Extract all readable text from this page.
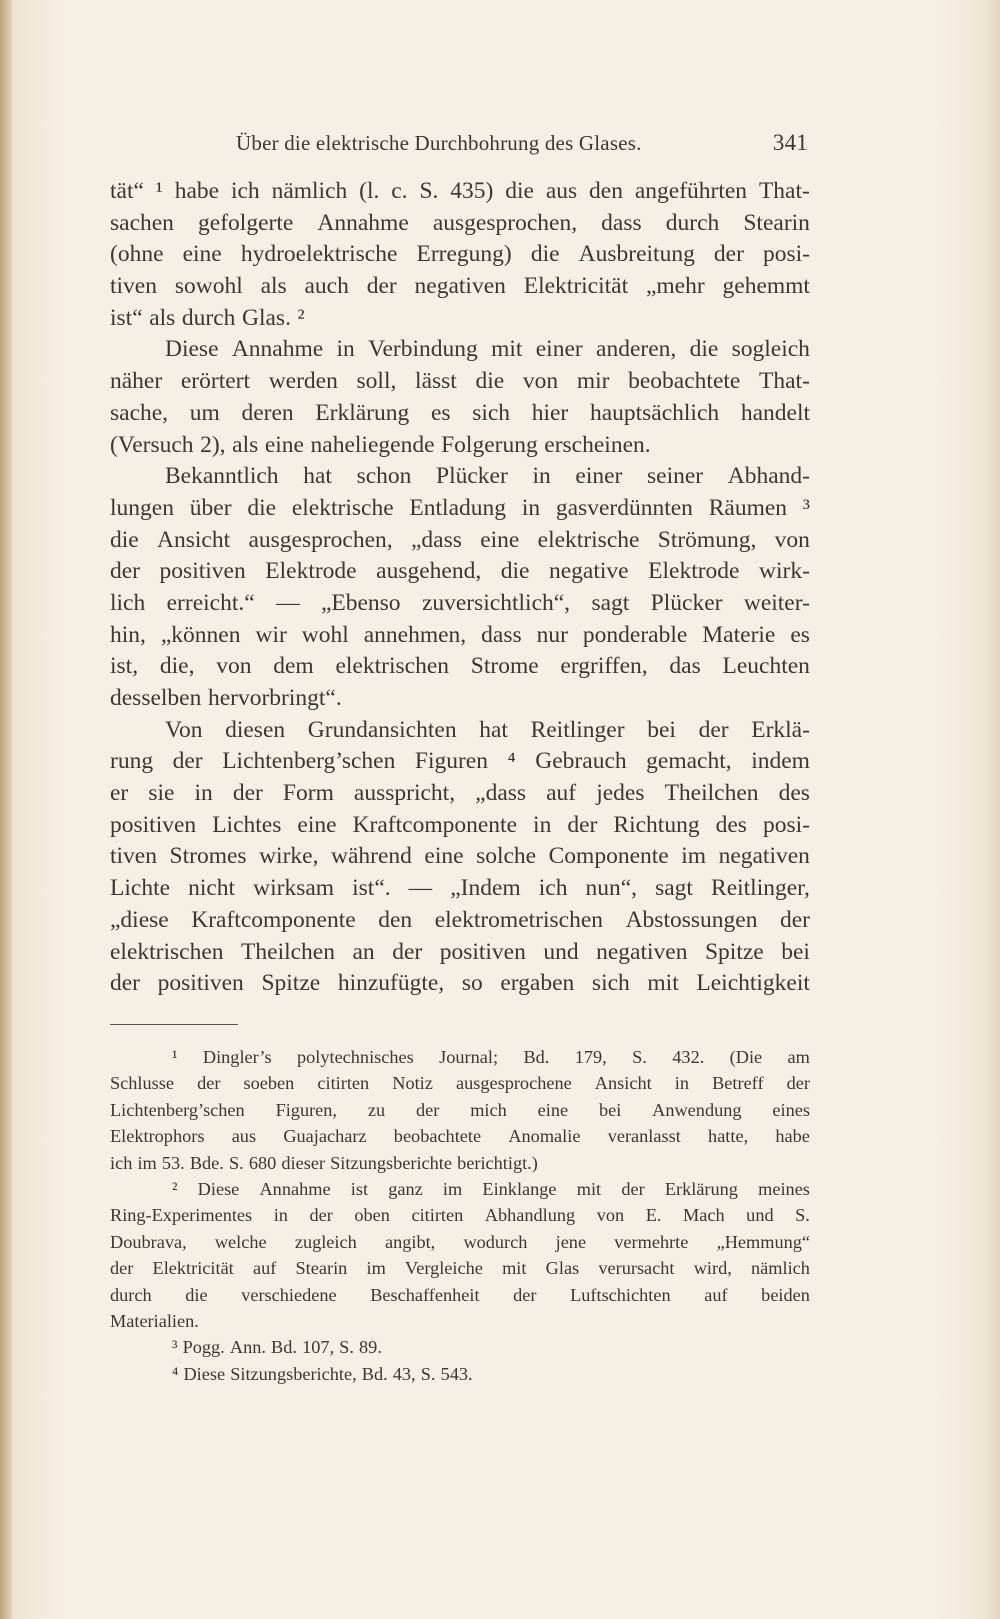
Über die elektrische Durchbohrung des Glases.	341
tät“ ¹ habe ich nämlich (l. c. S. 435) die aus den angeführten That-
sachen gefolgerte Annahme ausgesprochen, dass durch Stearin
(ohne eine hydroelektrische Erregung) die Ausbreitung der posi-
tiven sowohl als auch der negativen Elektricität „mehr gehemmt
ist“ als durch Glas. ²
Diese Annahme in Verbindung mit einer anderen, die sogleich
näher erörtert werden soll, lässt die von mir beobachtete That-
sache, um deren Erklärung es sich hier hauptsächlich handelt
(Versuch 2), als eine naheliegende Folgerung erscheinen.
Bekanntlich hat schon Plücker in einer seiner Abhand-
lungen über die elektrische Entladung in gasverdünnten Räumen ³
die Ansicht ausgesprochen, „dass eine elektrische Strömung, von
der positiven Elektrode ausgehend, die negative Elektrode wirk-
lich erreicht.“ — „Ebenso zuversichtlich“, sagt Plücker weiter-
hin, „können wir wohl annehmen, dass nur ponderable Materie es
ist, die, von dem elektrischen Strome ergriffen, das Leuchten
desselben hervorbringt“.
Von diesen Grundansichten hat Reitlinger bei der Erklä-
rung der Lichtenberg’schen Figuren ⁴ Gebrauch gemacht, indem
er sie in der Form ausspricht, „dass auf jedes Theilchen des
positiven Lichtes eine Kraftcomponente in der Richtung des posi-
tiven Stromes wirke, während eine solche Componente im negativen
Lichte nicht wirksam ist“. — „Indem ich nun“, sagt Reitlinger,
„diese Kraftcomponente den elektrometrischen Abstossungen der
elektrischen Theilchen an der positiven und negativen Spitze bei
der positiven Spitze hinzufügte, so ergaben sich mit Leichtigkeit
¹ Dingler’s polytechnisches Journal; Bd. 179, S. 432. (Die am
Schlusse der soeben citirten Notiz ausgesprochene Ansicht in Betreff der
Lichtenberg’schen Figuren, zu der mich eine bei Anwendung eines
Elektrophors aus Guajacharz beobachtete Anomalie veranlasst hatte, habe
ich im 53. Bde. S. 680 dieser Sitzungsberichte berichtigt.)
² Diese Annahme ist ganz im Einklange mit der Erklärung meines
Ring-Experimentes in der oben citirten Abhandlung von E. Mach und S.
Doubrava, welche zugleich angibt, wodurch jene vermehrte „Hemmung“
der Elektricität auf Stearin im Vergleiche mit Glas verursacht wird, nämlich
durch die verschiedene Beschaffenheit der Luftschichten auf beiden
Materialien.
³ Pogg. Ann. Bd. 107, S. 89.
⁴ Diese Sitzungsberichte, Bd. 43, S. 543.
